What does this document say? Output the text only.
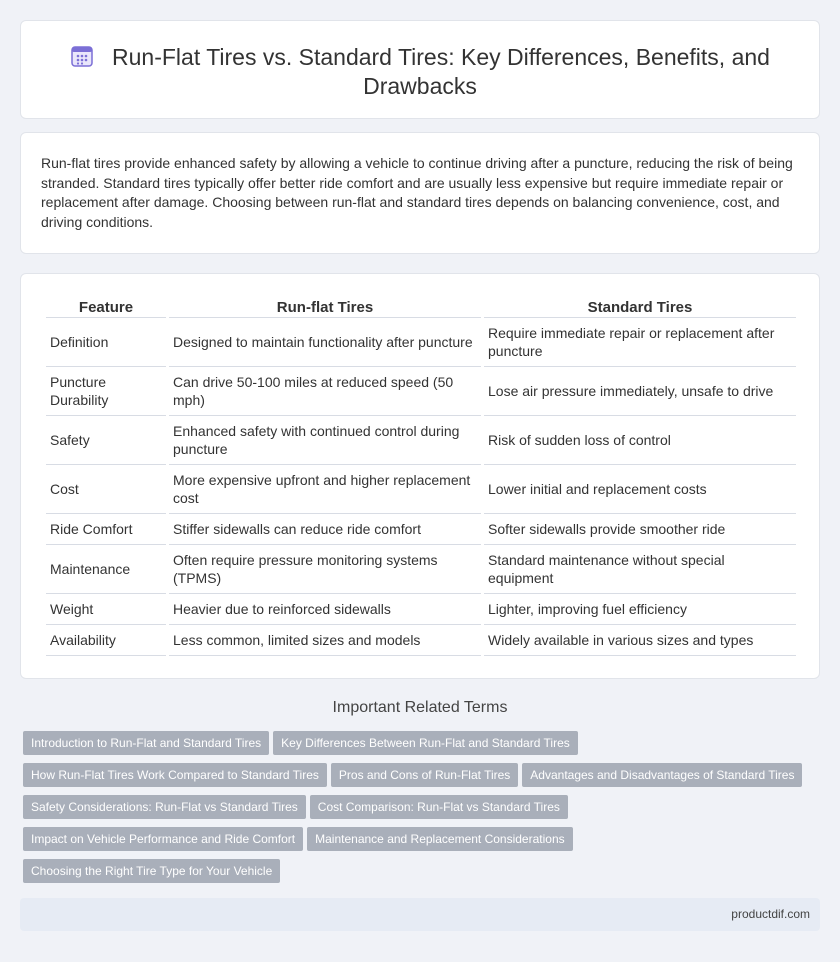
Run-Flat Tires vs. Standard Tires: Key Differences, Benefits, and Drawbacks

Run-flat tires provide enhanced safety by allowing a vehicle to continue driving after a puncture, reducing the risk of being stranded. Standard tires typically offer better ride comfort and are usually less expensive but require immediate repair or replacement after damage. Choosing between run-flat and standard tires depends on balancing convenience, cost, and driving conditions.

Feature	Run-flat Tires	Standard Tires
Definition	Designed to maintain functionality after puncture	Require immediate repair or replacement after puncture
Puncture Durability	Can drive 50-100 miles at reduced speed (50 mph)	Lose air pressure immediately, unsafe to drive
Safety	Enhanced safety with continued control during puncture	Risk of sudden loss of control
Cost	More expensive upfront and higher replacement cost	Lower initial and replacement costs
Ride Comfort	Stiffer sidewalls can reduce ride comfort	Softer sidewalls provide smoother ride
Maintenance	Often require pressure monitoring systems (TPMS)	Standard maintenance without special equipment
Weight	Heavier due to reinforced sidewalls	Lighter, improving fuel efficiency
Availability	Less common, limited sizes and models	Widely available in various sizes and types
Important Related Terms
Introduction to Run-Flat and Standard Tires Key Differences Between Run-Flat and Standard Tires
How Run-Flat Tires Work Compared to Standard Tires Pros and Cons of Run-Flat Tires Advantages and Disadvantages of Standard Tires
Safety Considerations: Run-Flat vs Standard Tires Cost Comparison: Run-Flat vs Standard Tires
Impact on Vehicle Performance and Ride Comfort Maintenance and Replacement Considerations
Choosing the Right Tire Type for Your Vehicle
productdif.com
